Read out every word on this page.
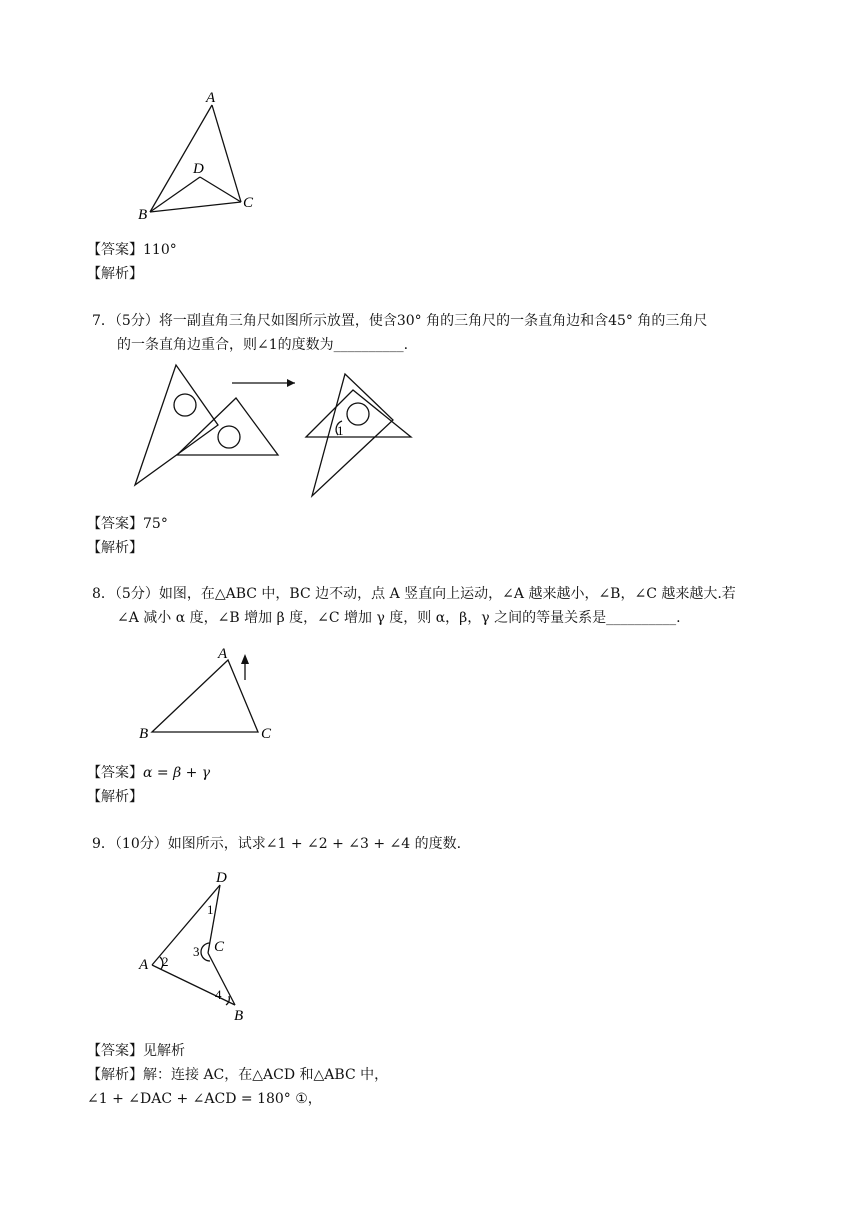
A
D
B
C
【答案】110°
【解析】
7．（5分）将一副直角三角尺如图所示放置，使含30° 角的三角尺的一条直角边和含45° 角的三角尺
的一条直角边重合，则∠1的度数为__________.
1
【答案】75°
【解析】
8．（5分）如图，在△ABC 中，BC 边不动，点 A 竖直向上运动，∠A 越来越小，∠B，∠C 越来越大.若
∠A 减小 α 度，∠B 增加 β 度，∠C 增加 γ 度，则 α，β，γ 之间的等量关系是__________.
A
B	C
【答案】α = β + γ
【解析】
9．（10分）如图所示，试求∠1 + ∠2 + ∠3 + ∠4 的度数.
D
A
C
B
1
2
3
4
【答案】见解析
【解析】解：连接 AC，在△ACD 和△ABC 中，
∠1 + ∠DAC + ∠ACD = 180° ①，
